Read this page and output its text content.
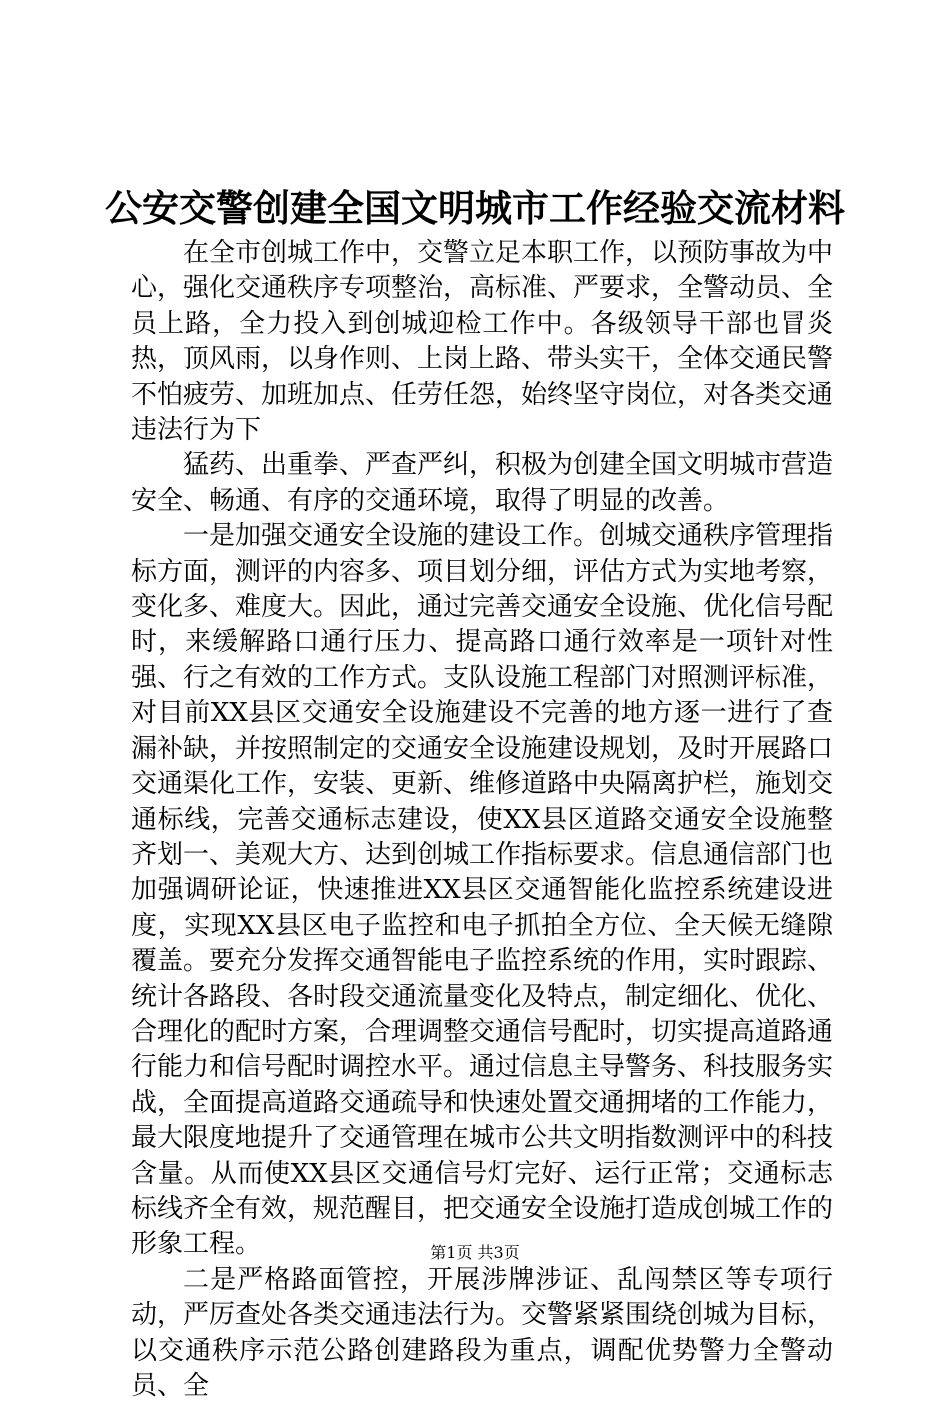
公安交警创建全国文明城市工作经验交流材料

在全市创城工作中，交警立足本职工作，以预防事故为中心，强化交通秩序专项整治，高标准、严要求，全警动员、全员上路，全力投入到创城迎检工作中。各级领导干部也冒炎热，顶风雨，以身作则、上岗上路、带头实干，全体交通民警不怕疲劳、加班加点、任劳任怨，始终坚守岗位，对各类交通违法行为下

猛药、出重拳、严查严纠，积极为创建全国文明城市营造安全、畅通、有序的交通环境，取得了明显的改善。

一是加强交通安全设施的建设工作。创城交通秩序管理指标方面，测评的内容多、项目划分细，评估方式为实地考察，变化多、难度大。因此，通过完善交通安全设施、优化信号配时，来缓解路口通行压力、提高路口通行效率是一项针对性强、行之有效的工作方式。支队设施工程部门对照测评标准，对目前XX县区交通安全设施建设不完善的地方逐一进行了查漏补缺，并按照制定的交通安全设施建设规划，及时开展路口交通渠化工作，安装、更新、维修道路中央隔离护栏，施划交通标线，完善交通标志建设，使XX县区道路交通安全设施整齐划一、美观大方、达到创城工作指标要求。信息通信部门也加强调研论证，快速推进XX县区交通智能化监控系统建设进度，实现XX县区电子监控和电子抓拍全方位、全天候无缝隙覆盖。要充分发挥交通智能电子监控系统的作用，实时跟踪、统计各路段、各时段交通流量变化及特点，制定细化、优化、合理化的配时方案，合理调整交通信号配时，切实提高道路通行能力和信号配时调控水平。通过信息主导警务、科技服务实战，全面提高道路交通疏导和快速处置交通拥堵的工作能力，最大限度地提升了交通管理在城市公共文明指数测评中的科技含量。从而使XX县区交通信号灯完好、运行正常；交通标志标线齐全有效，规范醒目，把交通安全设施打造成创城工作的形象工程。

二是严格路面管控，开展涉牌涉证、乱闯禁区等专项行动，严厉查处各类交通违法行为。交警紧紧围绕创城为目标，以交通秩序示范公路创建路段为重点，调配优势警力全警动员、全

第1页 共3页
